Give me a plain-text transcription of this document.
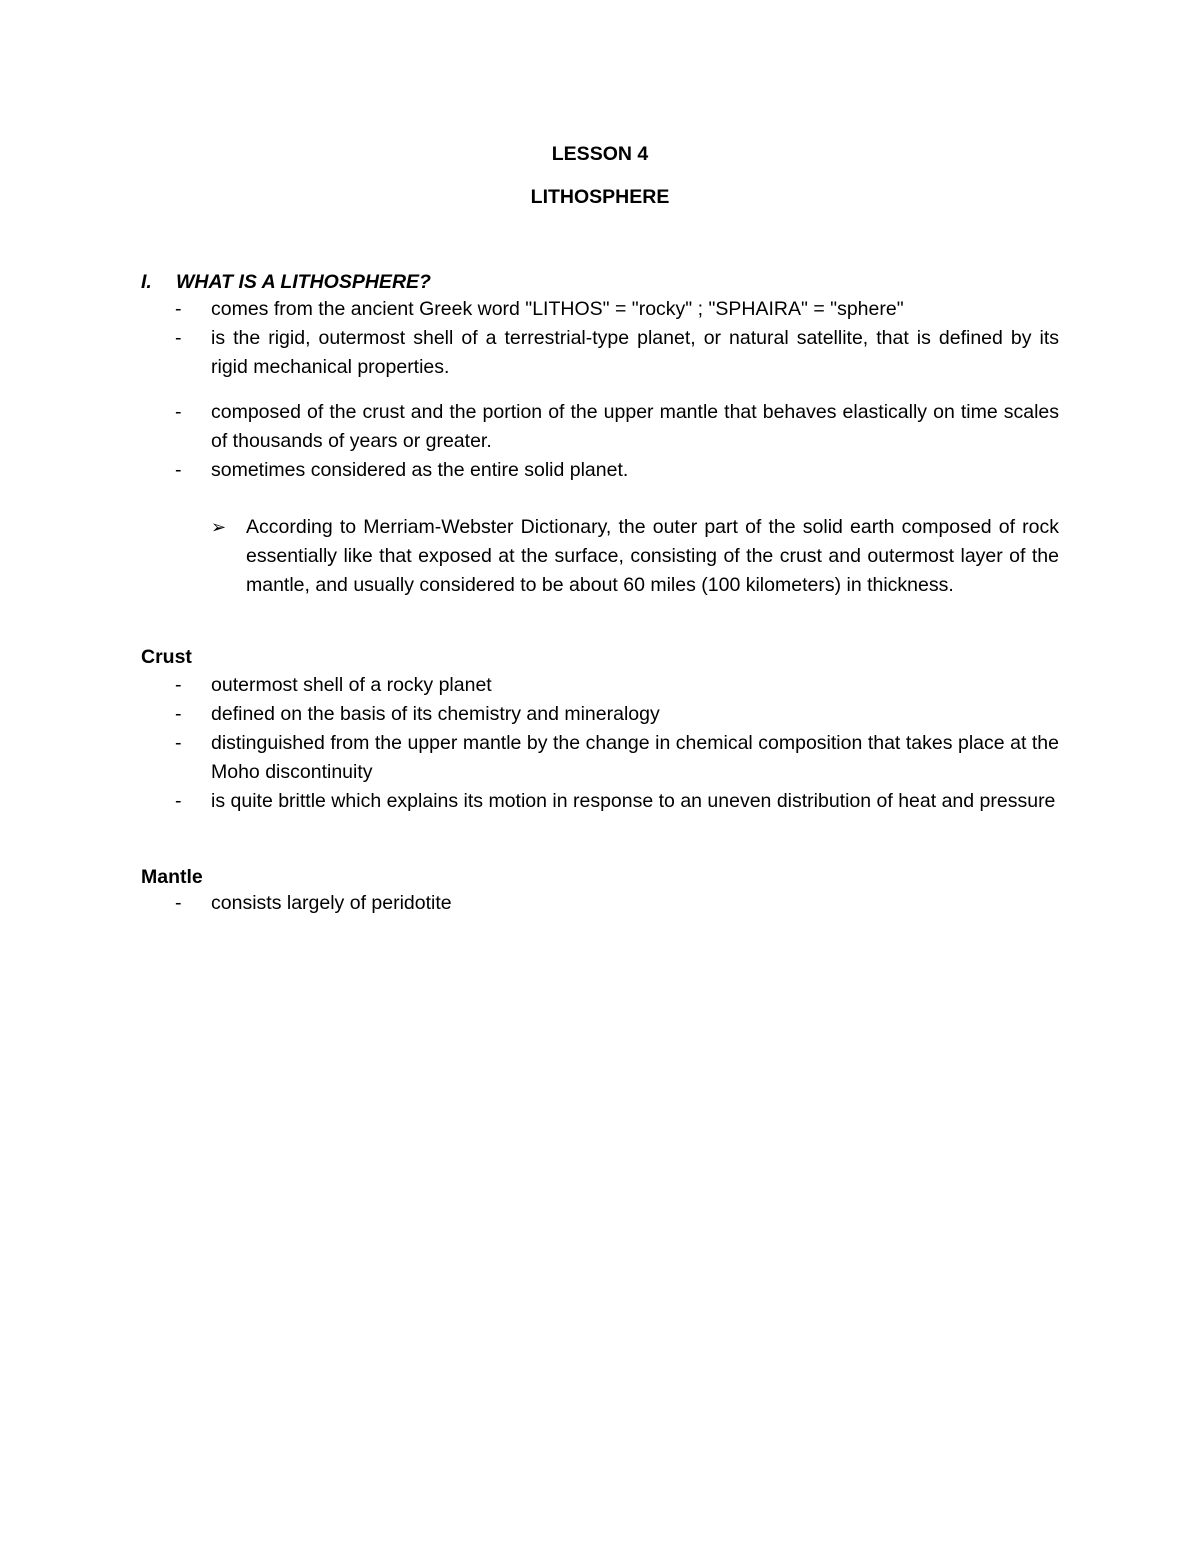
LESSON 4
LITHOSPHERE
I. WHAT IS A LITHOSPHERE?
- comes from the ancient Greek word "LITHOS" = "rocky" ; "SPHAIRA" = "sphere"
- is the rigid, outermost shell of a terrestrial-type planet, or natural satellite, that is defined by its rigid mechanical properties.
- composed of the crust and the portion of the upper mantle that behaves elastically on time scales of thousands of years or greater.
- sometimes considered as the entire solid planet.
➢ According to Merriam-Webster Dictionary, the outer part of the solid earth composed of rock essentially like that exposed at the surface, consisting of the crust and outermost layer of the mantle, and usually considered to be about 60 miles (100 kilometers) in thickness.
Crust
- outermost shell of a rocky planet
- defined on the basis of its chemistry and mineralogy
- distinguished from the upper mantle by the change in chemical composition that takes place at the Moho discontinuity
- is quite brittle which explains its motion in response to an uneven distribution of heat and pressure
Mantle
- consists largely of peridotite
